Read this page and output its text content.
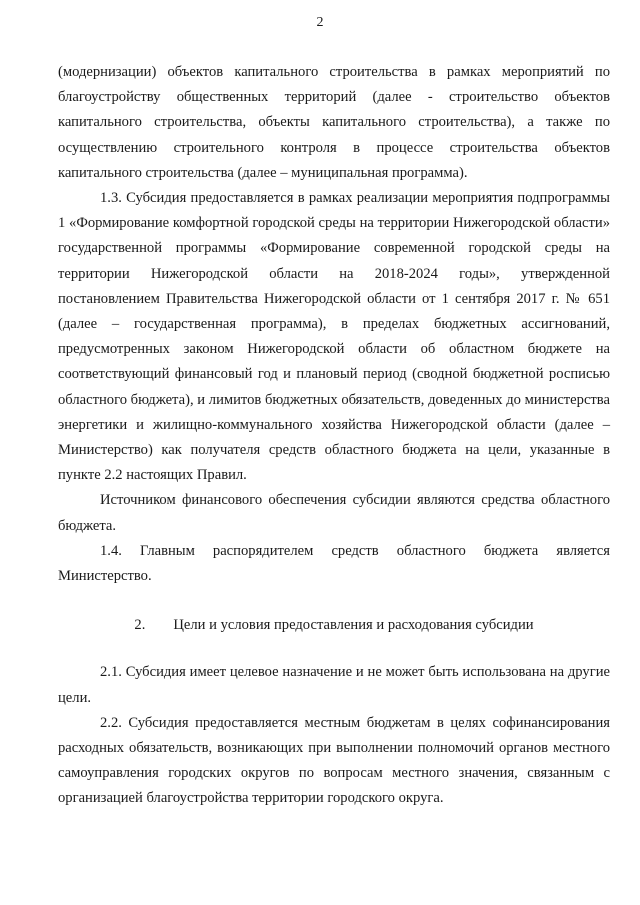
2

(модернизации) объектов капитального строительства в рамках мероприятий по благоустройству общественных территорий (далее - строительство объектов капитального строительства, объекты капитального строительства), а также по осуществлению строительного контроля в процессе строительства объектов капитального строительства (далее – муниципальная программа).

1.3. Субсидия предоставляется в рамках реализации мероприятия подпрограммы 1 «Формирование комфортной городской среды на территории Нижегородской области» государственной программы «Формирование современной городской среды на территории Нижегородской области на 2018-2024 годы», утвержденной постановлением Правительства Нижегородской области от 1 сентября 2017 г. № 651 (далее – государственная программа), в пределах бюджетных ассигнований, предусмотренных законом Нижегородской области об областном бюджете на соответствующий финансовый год и плановый период (сводной бюджетной росписью областного бюджета), и лимитов бюджетных обязательств, доведенных до министерства энергетики и жилищно-коммунального хозяйства Нижегородской области (далее – Министерство) как получателя средств областного бюджета на цели, указанные в пункте 2.2 настоящих Правил.

Источником финансового обеспечения субсидии являются средства областного бюджета.

1.4. Главным распорядителем средств областного бюджета является Министерство.

2. Цели и условия предоставления и расходования субсидии

2.1. Субсидия имеет целевое назначение и не может быть использована на другие цели.

2.2. Субсидия предоставляется местным бюджетам в целях софинансирования расходных обязательств, возникающих при выполнении полномочий органов местного самоуправления городских округов по вопросам местного значения, связанным с организацией благоустройства территории городского округа.
